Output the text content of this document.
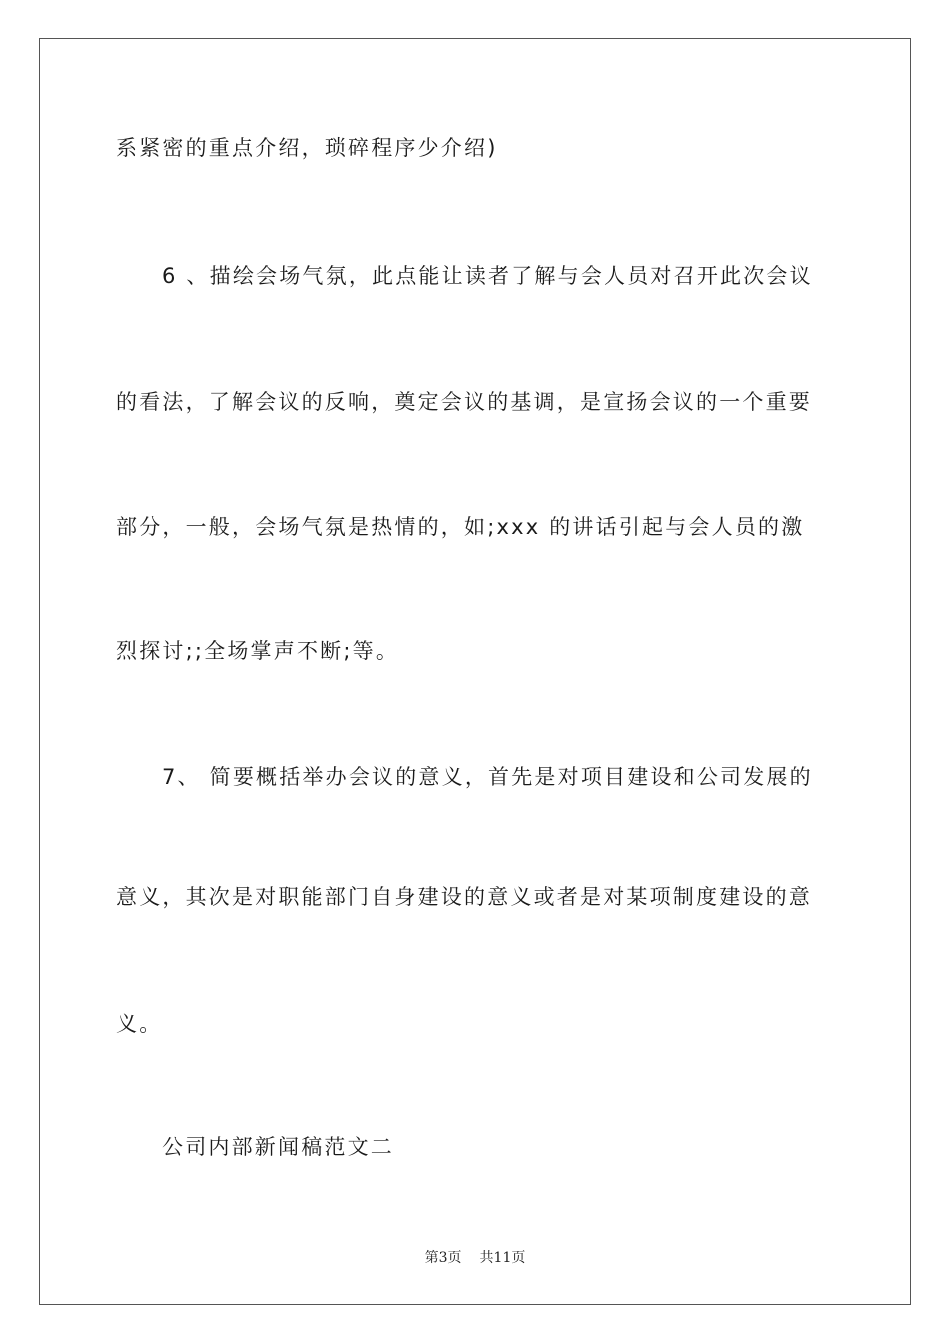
系紧密的重点介绍，琐碎程序少介绍)
6 、描绘会场气氛，此点能让读者了解与会人员对召开此次会议
的看法，了解会议的反响，奠定会议的基调，是宣扬会议的一个重要
部分，一般，会场气氛是热情的，如;xxx 的讲话引起与会人员的激
烈探讨;;全场掌声不断;等。
7、 简要概括举办会议的意义，首先是对项目建设和公司发展的
意义，其次是对职能部门自身建设的意义或者是对某项制度建设的意
义。
公司内部新闻稿范文二
第3页 共11页
